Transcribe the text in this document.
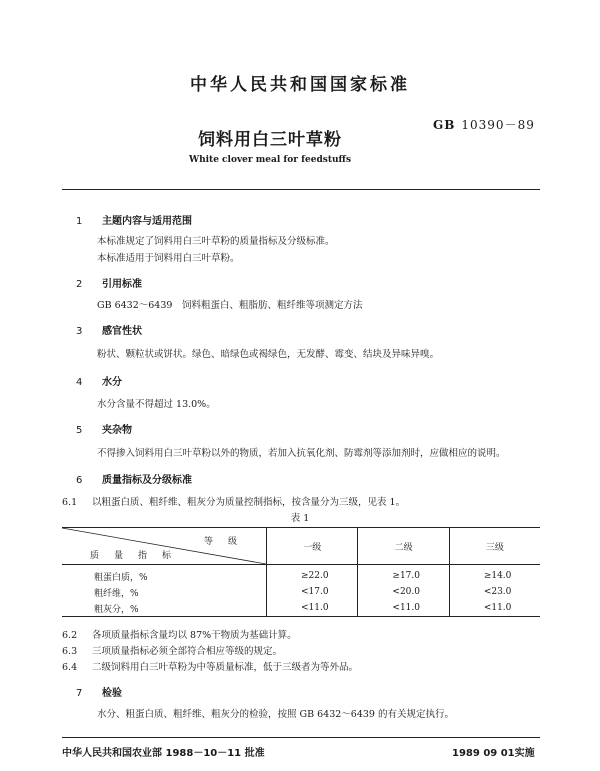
中华人民共和国国家标准
GB 10390－89
饲料用白三叶草粉
White clover meal for feedstuffs
1 主题内容与适用范围
本标准规定了饲料用白三叶草粉的质量指标及分级标准。
本标准适用于饲料用白三叶草粉。
2 引用标准
GB 6432～6439　饲料粗蛋白、粗脂肪、粗纤维等项测定方法
3 感官性状
粉状、颗粒状或饼状。绿色、暗绿色或褐绿色，无发酵、霉变、结块及异味异嗅。
4 水分
水分含量不得超过 13.0%。
5 夹杂物
不得掺入饲料用白三叶草粉以外的物质，若加入抗氧化剂、防霉剂等添加剂时，应做相应的说明。
6 质量指标及分级标准
6.1 以粗蛋白质、粗纤维、粗灰分为质量控制指标，按含量分为三级，见表 1。
表 1
等　级
质　量　指　标	一级	二级	三级
粗蛋白质，%	≥22.0	≥17.0	≥14.0
粗纤维，%	<17.0	<20.0	<23.0
粗灰分，%	<11.0	<11.0	<11.0
6.2 各项质量指标含量均以 87%干物质为基础计算。
6.3 三项质量指标必须全部符合相应等级的规定。
6.4 二级饲料用白三叶草粉为中等质量标准，低于三级者为等外品。
7 检验
水分、粗蛋白质、粗纤维、粗灰分的检验，按照 GB 6432～6439 的有关规定执行。
中华人民共和国农业部 1988－10－11 批准	1989 09 01实施
